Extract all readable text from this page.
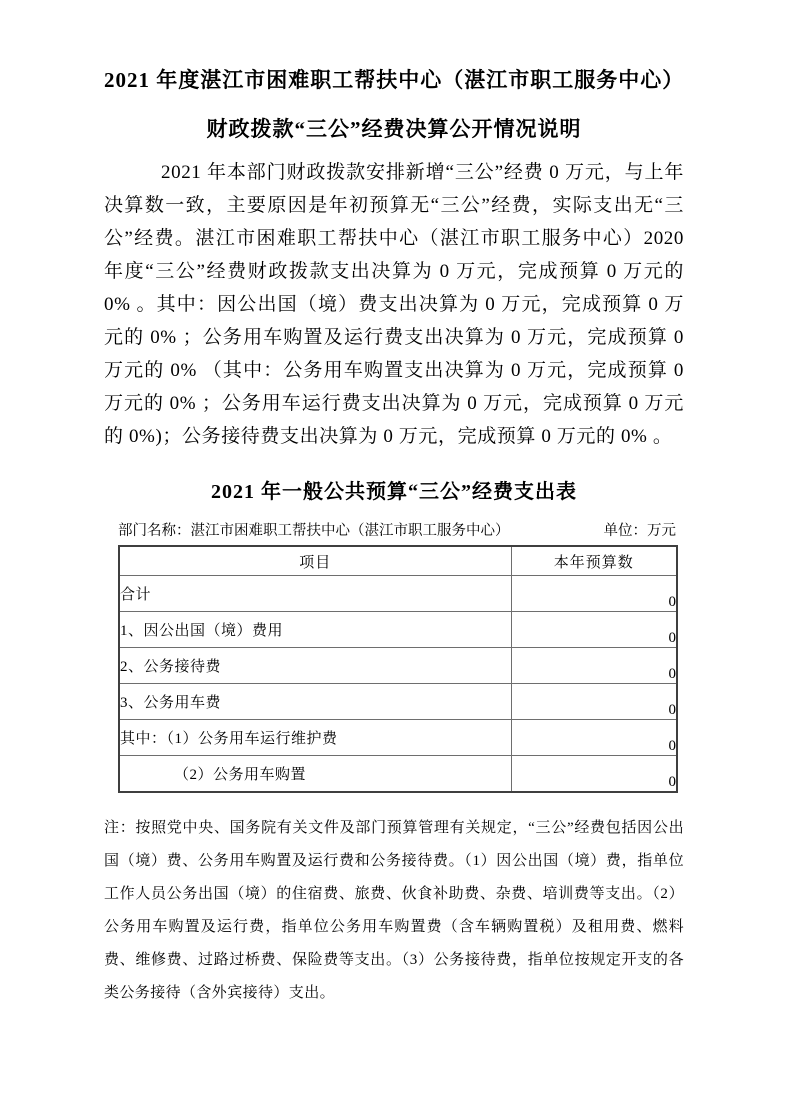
2021 年度湛江市困难职工帮扶中心（湛江市职工服务中心）
财政拨款“三公”经费决算公开情况说明

2021 年本部门财政拨款安排新增“三公”经费 0 万元，与上年决算数一致，主要原因是年初预算无“三公”经费，实际支出无“三公”经费。湛江市困难职工帮扶中心（湛江市职工服务中心）2020 年度“三公”经费财政拨款支出决算为 0 万元，完成预算 0 万元的 0% 。其中：因公出国（境）费支出决算为 0 万元，完成预算 0 万元的 0% ；公务用车购置及运行费支出决算为 0 万元，完成预算 0 万元的 0% （其中：公务用车购置支出决算为 0 万元，完成预算 0 万元的 0% ；公务用车运行费支出决算为 0 万元，完成预算 0 万元的 0%)；公务接待费支出决算为 0 万元，完成预算 0 万元的 0% 。

2021 年一般公共预算“三公”经费支出表
部门名称：湛江市困难职工帮扶中心（湛江市职工服务中心）	单位：万元
项目	本年预算数
合计	0
1、因公出国（境）费用	0
2、公务接待费	0
3、公务用车费	0
其中：（1）公务用车运行维护费	0
（2）公务用车购置	0

注：按照党中央、国务院有关文件及部门预算管理有关规定，“三公”经费包括因公出国（境）费、公务用车购置及运行费和公务接待费。（1）因公出国（境）费，指单位工作人员公务出国（境）的住宿费、旅费、伙食补助费、杂费、培训费等支出。（2）公务用车购置及运行费，指单位公务用车购置费（含车辆购置税）及租用费、燃料费、维修费、过路过桥费、保险费等支出。（3）公务接待费，指单位按规定开支的各类公务接待（含外宾接待）支出。
